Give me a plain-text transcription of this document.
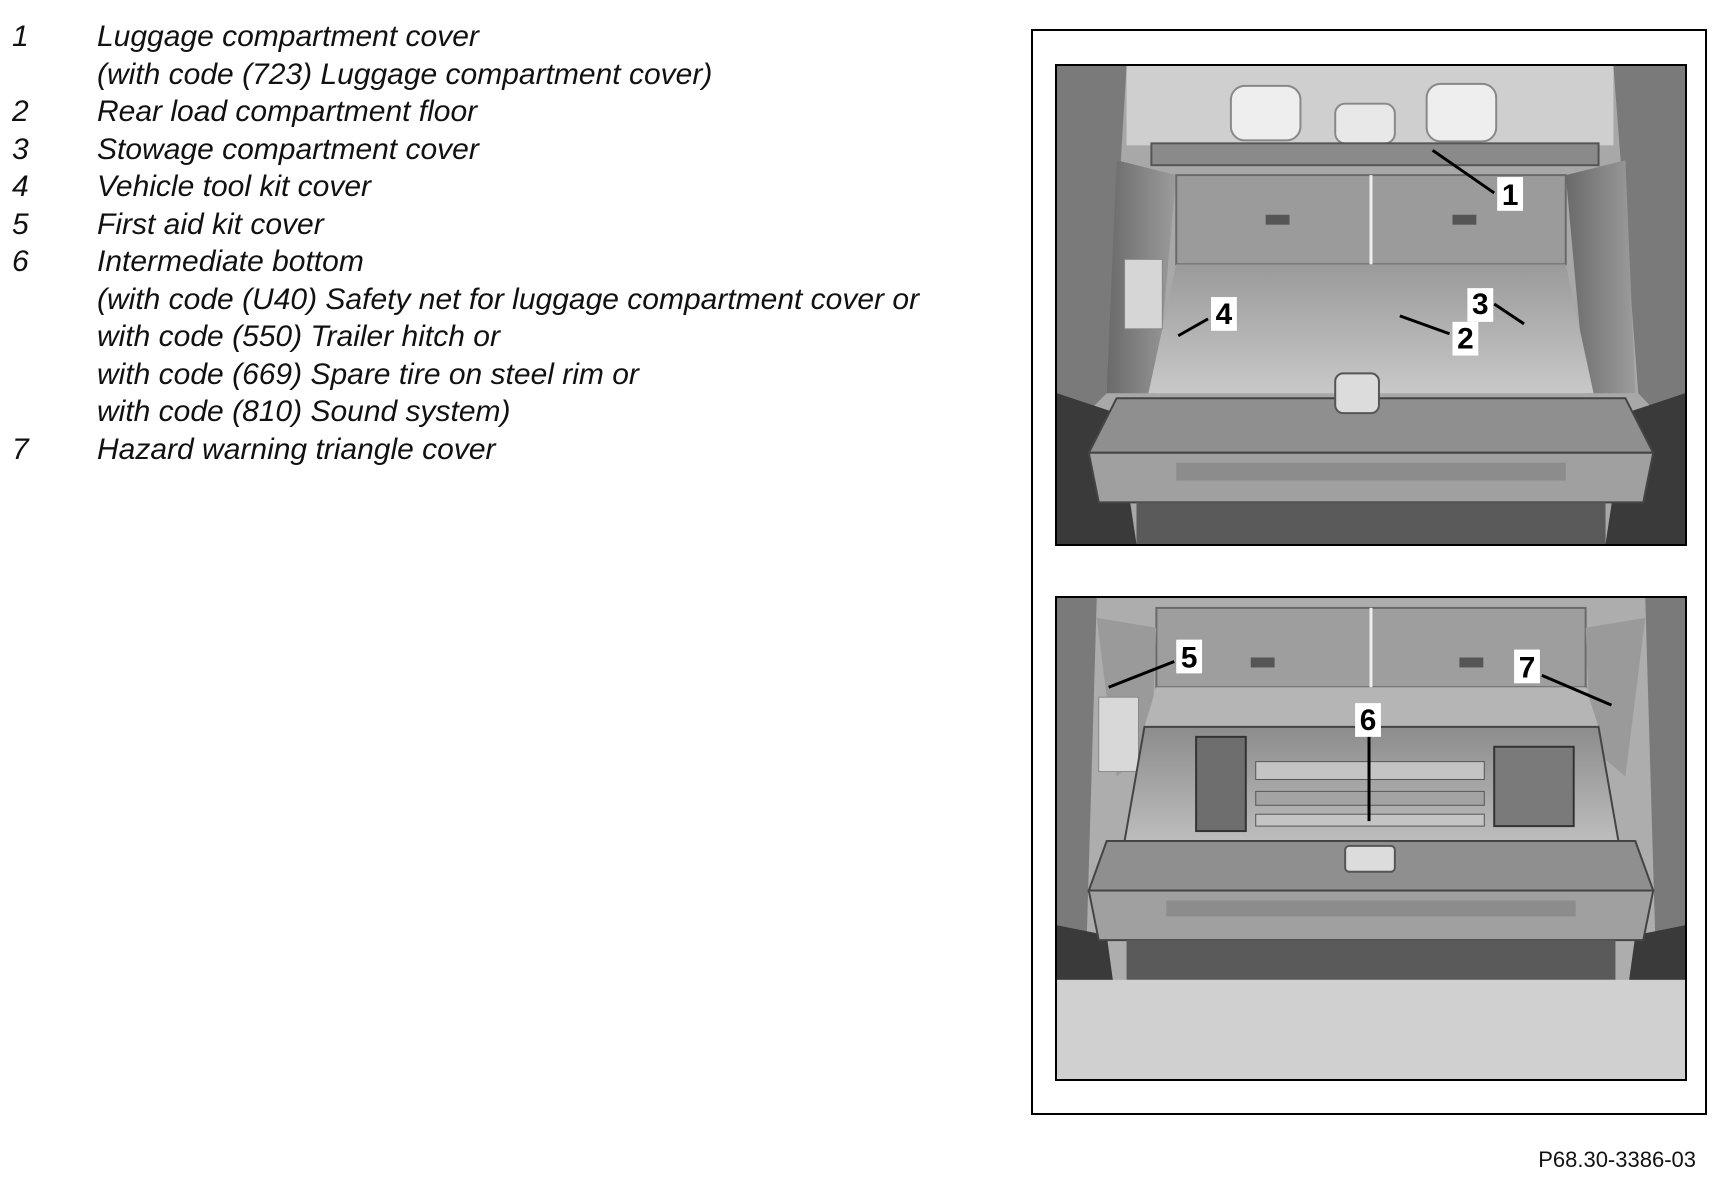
1	Luggage compartment cover
(with code (723) Luggage compartment cover)
2	Rear load compartment floor
3	Stowage compartment cover
4	Vehicle tool kit cover
5	First aid kit cover
6	Intermediate bottom
(with code (U40) Safety net for luggage compartment cover or
with code (550) Trailer hitch or
with code (669) Spare tire on steel rim or
with code (810) Sound system)
7	Hazard warning triangle cover
1
2
3
4
5
6
7
P68.30-3386-03
